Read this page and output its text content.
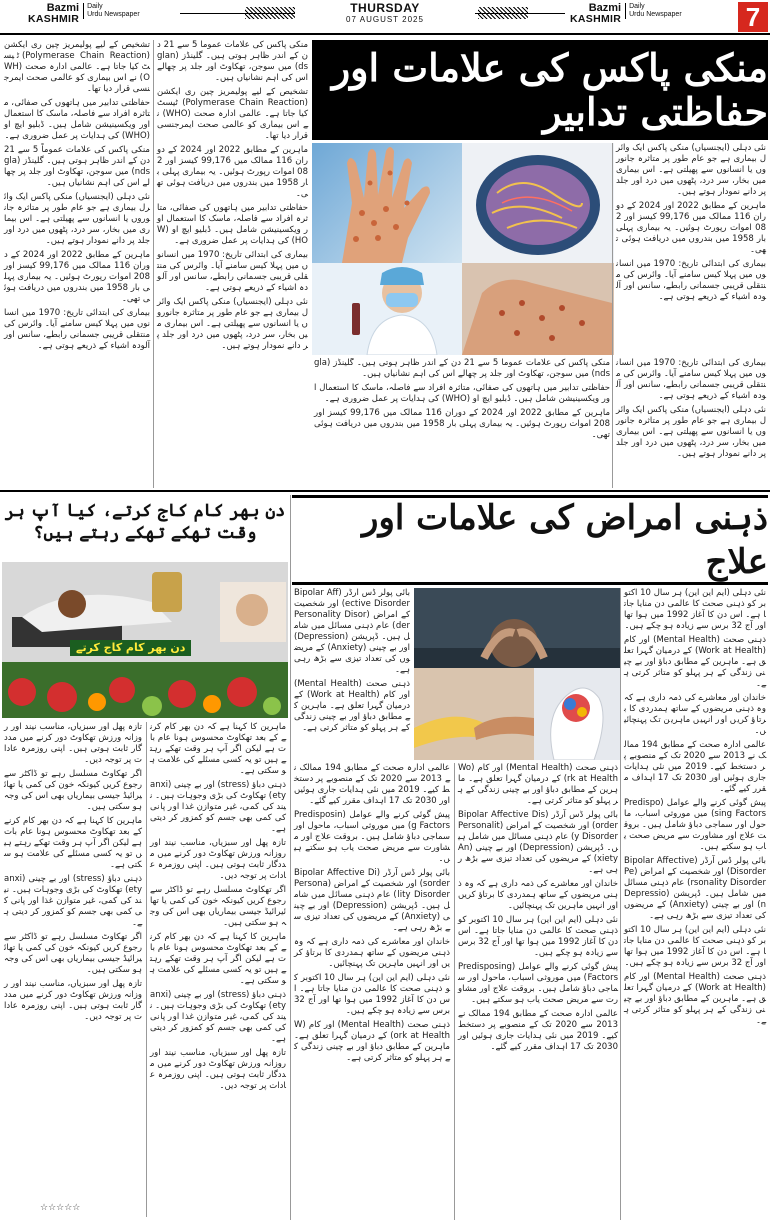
Bazmi
KASHMIR
Daily
Urdu Newspaper	THURSDAY
07 AUGUST 2025
Bazmi
KASHMIR
Daily
Urdu Newspaper 7
منکی پاکس کی علامات اور حفاظتی تدابیر

نئی دہلی (ایجنسیاں) منکی پاکس ایک وائرل بیماری ہے جو عام طور پر متاثرہ جانوروں یا انسانوں سے پھیلتی ہے۔ اس بیماری میں بخار، سر درد، پٹھوں میں درد اور جلد پر دانے نمودار ہوتے ہیں۔

ماہرین کے مطابق 2022 اور 2024 کے دوران 116 ممالک میں 99,176 کیسز اور 208 اموات رپورٹ ہوئیں۔ یہ بیماری پہلی بار 1958 میں بندروں میں دریافت ہوئی تھی۔

بیماری کی ابتدائی تاریخ: 1970 میں انسانوں میں پہلا کیس سامنے آیا۔ وائرس کی منتقلی قریبی جسمانی رابطے، سانس اور آلودہ اشیاء کے ذریعے ہوتی ہے۔

بیماری کی ابتدائی تاریخ: 1970 میں انسانوں میں پہلا کیس سامنے آیا۔ وائرس کی منتقلی قریبی جسمانی رابطے، سانس اور آلودہ اشیاء کے ذریعے ہوتی ہے۔

نئی دہلی (ایجنسیاں) منکی پاکس ایک وائرل بیماری ہے جو عام طور پر متاثرہ جانوروں یا انسانوں سے پھیلتی ہے۔ اس بیماری میں بخار، سر درد، پٹھوں میں درد اور جلد پر دانے نمودار ہوتے ہیں۔

منکی پاکس کی علامات عموماً 5 سے 21 دن کے اندر ظاہر ہوتی ہیں۔ گلینڈز (glands) میں سوجن، تھکاوٹ اور جلد پر چھالے اس کی اہم نشانیاں ہیں۔

حفاظتی تدابیر میں ہاتھوں کی صفائی، متاثرہ افراد سے فاصلہ، ماسک کا استعمال اور ویکسینیشن شامل ہیں۔ ڈبلیو ایچ او (WHO) کی ہدایات پر عمل ضروری ہے۔

ماہرین کے مطابق 2022 اور 2024 کے دوران 116 ممالک میں 99,176 کیسز اور 208 اموات رپورٹ ہوئیں۔ یہ بیماری پہلی بار 1958 میں بندروں میں دریافت ہوئی تھی۔

منکی پاکس کی علامات عموماً 5 سے 21 دن کے اندر ظاہر ہوتی ہیں۔ گلینڈز (glands) میں سوجن، تھکاوٹ اور جلد پر چھالے اس کی اہم نشانیاں ہیں۔

تشخیص کے لیے پولیمریز چین ری ایکشن (Polymerase Chain Reaction) ٹیسٹ کیا جاتا ہے۔ عالمی ادارہ صحت (WHO) نے اس بیماری کو عالمی صحت ایمرجنسی قرار دیا تھا۔

ماہرین کے مطابق 2022 اور 2024 کے دوران 116 ممالک میں 99,176 کیسز اور 208 اموات رپورٹ ہوئیں۔ یہ بیماری پہلی بار 1958 میں بندروں میں دریافت ہوئی تھی۔

حفاظتی تدابیر میں ہاتھوں کی صفائی، متاثرہ افراد سے فاصلہ، ماسک کا استعمال اور ویکسینیشن شامل ہیں۔ ڈبلیو ایچ او (WHO) کی ہدایات پر عمل ضروری ہے۔

بیماری کی ابتدائی تاریخ: 1970 میں انسانوں میں پہلا کیس سامنے آیا۔ وائرس کی منتقلی قریبی جسمانی رابطے، سانس اور آلودہ اشیاء کے ذریعے ہوتی ہے۔

نئی دہلی (ایجنسیاں) منکی پاکس ایک وائرل بیماری ہے جو عام طور پر متاثرہ جانوروں یا انسانوں سے پھیلتی ہے۔ اس بیماری میں بخار، سر درد، پٹھوں میں درد اور جلد پر دانے نمودار ہوتے ہیں۔

تشخیص کے لیے پولیمریز چین ری ایکشن (Polymerase Chain Reaction) ٹیسٹ کیا جاتا ہے۔ عالمی ادارہ صحت (WHO) نے اس بیماری کو عالمی صحت ایمرجنسی قرار دیا تھا۔

حفاظتی تدابیر میں ہاتھوں کی صفائی، متاثرہ افراد سے فاصلہ، ماسک کا استعمال اور ویکسینیشن شامل ہیں۔ ڈبلیو ایچ او (WHO) کی ہدایات پر عمل ضروری ہے۔

منکی پاکس کی علامات عموماً 5 سے 21 دن کے اندر ظاہر ہوتی ہیں۔ گلینڈز (glands) میں سوجن، تھکاوٹ اور جلد پر چھالے اس کی اہم نشانیاں ہیں۔

نئی دہلی (ایجنسیاں) منکی پاکس ایک وائرل بیماری ہے جو عام طور پر متاثرہ جانوروں یا انسانوں سے پھیلتی ہے۔ اس بیماری میں بخار، سر درد، پٹھوں میں درد اور جلد پر دانے نمودار ہوتے ہیں۔

ماہرین کے مطابق 2022 اور 2024 کے دوران 116 ممالک میں 99,176 کیسز اور 208 اموات رپورٹ ہوئیں۔ یہ بیماری پہلی بار 1958 میں بندروں میں دریافت ہوئی تھی۔

بیماری کی ابتدائی تاریخ: 1970 میں انسانوں میں پہلا کیس سامنے آیا۔ وائرس کی منتقلی قریبی جسمانی رابطے، سانس اور آلودہ اشیاء کے ذریعے ہوتی ہے۔

ذہنی امراض کی علامات اور علاج

نئی دہلی (ایم این این) ہر سال 10 اکتوبر کو ذہنی صحت کا عالمی دن منایا جاتا ہے۔ اس دن کا آغاز 1992 میں ہوا تھا اور آج 32 برس سے زیادہ ہو چکے ہیں۔

ذہنی صحت (Mental Health) اور کام (Work at Health) کے درمیان گہرا تعلق ہے۔ ماہرین کے مطابق دباؤ اور بے چینی زندگی کے ہر پہلو کو متاثر کرتی ہے۔

خاندان اور معاشرے کی ذمہ داری ہے کہ وہ ذہنی مریضوں کے ساتھ ہمدردی کا برتاؤ کریں اور انہیں ماہرین تک پہنچائیں۔

عالمی ادارہ صحت کے مطابق 194 ممالک نے 2013 سے 2020 تک کے منصوبے پر دستخط کیے۔ 2019 میں نئی ہدایات جاری ہوئیں اور 2030 تک 17 اہداف مقرر کیے گئے۔

پیش گوئی کرنے والے عوامل (Predisposing Factors) میں موروثی اسباب، ماحول اور سماجی دباؤ شامل ہیں۔ بروقت علاج اور مشاورت سے مریض صحت یاب ہو سکتے ہیں۔

بائی پولر ڈس آرڈر (Bipolar Affective Disorder) اور شخصیت کے امراض (Personality Disorder) عام ذہنی مسائل میں شامل ہیں۔ ڈپریشن (Depression) اور بے چینی (Anxiety) کے مریضوں کی تعداد تیزی سے بڑھ رہی ہے۔

نئی دہلی (ایم این این) ہر سال 10 اکتوبر کو ذہنی صحت کا عالمی دن منایا جاتا ہے۔ اس دن کا آغاز 1992 میں ہوا تھا اور آج 32 برس سے زیادہ ہو چکے ہیں۔

ذہنی صحت (Mental Health) اور کام (Work at Health) کے درمیان گہرا تعلق ہے۔ ماہرین کے مطابق دباؤ اور بے چینی زندگی کے ہر پہلو کو متاثر کرتی ہے۔

بائی پولر ڈس آرڈر (Bipolar Affective Disorder) اور شخصیت کے امراض (Personality Disorder) عام ذہنی مسائل میں شامل ہیں۔ ڈپریشن (Depression) اور بے چینی (Anxiety) کے مریضوں کی تعداد تیزی سے بڑھ رہی ہے۔

ذہنی صحت (Mental Health) اور کام (Work at Health) کے درمیان گہرا تعلق ہے۔ ماہرین کے مطابق دباؤ اور بے چینی زندگی کے ہر پہلو کو متاثر کرتی ہے۔

ذہنی صحت (Mental Health) اور کام (Work at Health) کے درمیان گہرا تعلق ہے۔ ماہرین کے مطابق دباؤ اور بے چینی زندگی کے ہر پہلو کو متاثر کرتی ہے۔

بائی پولر ڈس آرڈر (Bipolar Affective Disorder) اور شخصیت کے امراض (Personality Disorder) عام ذہنی مسائل میں شامل ہیں۔ ڈپریشن (Depression) اور بے چینی (Anxiety) کے مریضوں کی تعداد تیزی سے بڑھ رہی ہے۔

خاندان اور معاشرے کی ذمہ داری ہے کہ وہ ذہنی مریضوں کے ساتھ ہمدردی کا برتاؤ کریں اور انہیں ماہرین تک پہنچائیں۔

نئی دہلی (ایم این این) ہر سال 10 اکتوبر کو ذہنی صحت کا عالمی دن منایا جاتا ہے۔ اس دن کا آغاز 1992 میں ہوا تھا اور آج 32 برس سے زیادہ ہو چکے ہیں۔

پیش گوئی کرنے والے عوامل (Predisposing Factors) میں موروثی اسباب، ماحول اور سماجی دباؤ شامل ہیں۔ بروقت علاج اور مشاورت سے مریض صحت یاب ہو سکتے ہیں۔

عالمی ادارہ صحت کے مطابق 194 ممالک نے 2013 سے 2020 تک کے منصوبے پر دستخط کیے۔ 2019 میں نئی ہدایات جاری ہوئیں اور 2030 تک 17 اہداف مقرر کیے گئے۔

عالمی ادارہ صحت کے مطابق 194 ممالک نے 2013 سے 2020 تک کے منصوبے پر دستخط کیے۔ 2019 میں نئی ہدایات جاری ہوئیں اور 2030 تک 17 اہداف مقرر کیے گئے۔

پیش گوئی کرنے والے عوامل (Predisposing Factors) میں موروثی اسباب، ماحول اور سماجی دباؤ شامل ہیں۔ بروقت علاج اور مشاورت سے مریض صحت یاب ہو سکتے ہیں۔

بائی پولر ڈس آرڈر (Bipolar Affective Disorder) اور شخصیت کے امراض (Personality Disorder) عام ذہنی مسائل میں شامل ہیں۔ ڈپریشن (Depression) اور بے چینی (Anxiety) کے مریضوں کی تعداد تیزی سے بڑھ رہی ہے۔

خاندان اور معاشرے کی ذمہ داری ہے کہ وہ ذہنی مریضوں کے ساتھ ہمدردی کا برتاؤ کریں اور انہیں ماہرین تک پہنچائیں۔

نئی دہلی (ایم این این) ہر سال 10 اکتوبر کو ذہنی صحت کا عالمی دن منایا جاتا ہے۔ اس دن کا آغاز 1992 میں ہوا تھا اور آج 32 برس سے زیادہ ہو چکے ہیں۔

ذہنی صحت (Mental Health) اور کام (Work at Health) کے درمیان گہرا تعلق ہے۔ ماہرین کے مطابق دباؤ اور بے چینی زندگی کے ہر پہلو کو متاثر کرتی ہے۔

دن بھر کام کاج کرتے، کیا آپ ہر وقت تھکے تھکے رہتے ہیں؟
دن بھر کام کاج کرتے

ماہرین کا کہنا ہے کہ دن بھر کام کرنے کے بعد تھکاوٹ محسوس ہونا عام بات ہے لیکن اگر آپ ہر وقت تھکے رہتے ہیں تو یہ کسی مسئلے کی علامت ہو سکتی ہے۔

ذہنی دباؤ (stress) اور بے چینی (anxiety) تھکاوٹ کی بڑی وجوہات ہیں۔ نیند کی کمی، غیر متوازن غذا اور پانی کی کمی بھی جسم کو کمزور کر دیتی ہے۔

تازہ پھل اور سبزیاں، مناسب نیند اور روزانہ ورزش تھکاوٹ دور کرنے میں مددگار ثابت ہوتی ہیں۔ اپنی روزمرہ عادات پر توجہ دیں۔

اگر تھکاوٹ مسلسل رہے تو ڈاکٹر سے رجوع کریں کیونکہ خون کی کمی یا تھائیرائیڈ جیسی بیماریاں بھی اس کی وجہ ہو سکتی ہیں۔

ماہرین کا کہنا ہے کہ دن بھر کام کرنے کے بعد تھکاوٹ محسوس ہونا عام بات ہے لیکن اگر آپ ہر وقت تھکے رہتے ہیں تو یہ کسی مسئلے کی علامت ہو سکتی ہے۔

ذہنی دباؤ (stress) اور بے چینی (anxiety) تھکاوٹ کی بڑی وجوہات ہیں۔ نیند کی کمی، غیر متوازن غذا اور پانی کی کمی بھی جسم کو کمزور کر دیتی ہے۔

تازہ پھل اور سبزیاں، مناسب نیند اور روزانہ ورزش تھکاوٹ دور کرنے میں مددگار ثابت ہوتی ہیں۔ اپنی روزمرہ عادات پر توجہ دیں۔

تازہ پھل اور سبزیاں، مناسب نیند اور روزانہ ورزش تھکاوٹ دور کرنے میں مددگار ثابت ہوتی ہیں۔ اپنی روزمرہ عادات پر توجہ دیں۔

اگر تھکاوٹ مسلسل رہے تو ڈاکٹر سے رجوع کریں کیونکہ خون کی کمی یا تھائیرائیڈ جیسی بیماریاں بھی اس کی وجہ ہو سکتی ہیں۔

ماہرین کا کہنا ہے کہ دن بھر کام کرنے کے بعد تھکاوٹ محسوس ہونا عام بات ہے لیکن اگر آپ ہر وقت تھکے رہتے ہیں تو یہ کسی مسئلے کی علامت ہو سکتی ہے۔

ذہنی دباؤ (stress) اور بے چینی (anxiety) تھکاوٹ کی بڑی وجوہات ہیں۔ نیند کی کمی، غیر متوازن غذا اور پانی کی کمی بھی جسم کو کمزور کر دیتی ہے۔

اگر تھکاوٹ مسلسل رہے تو ڈاکٹر سے رجوع کریں کیونکہ خون کی کمی یا تھائیرائیڈ جیسی بیماریاں بھی اس کی وجہ ہو سکتی ہیں۔

تازہ پھل اور سبزیاں، مناسب نیند اور روزانہ ورزش تھکاوٹ دور کرنے میں مددگار ثابت ہوتی ہیں۔ اپنی روزمرہ عادات پر توجہ دیں۔

☆☆☆☆☆
